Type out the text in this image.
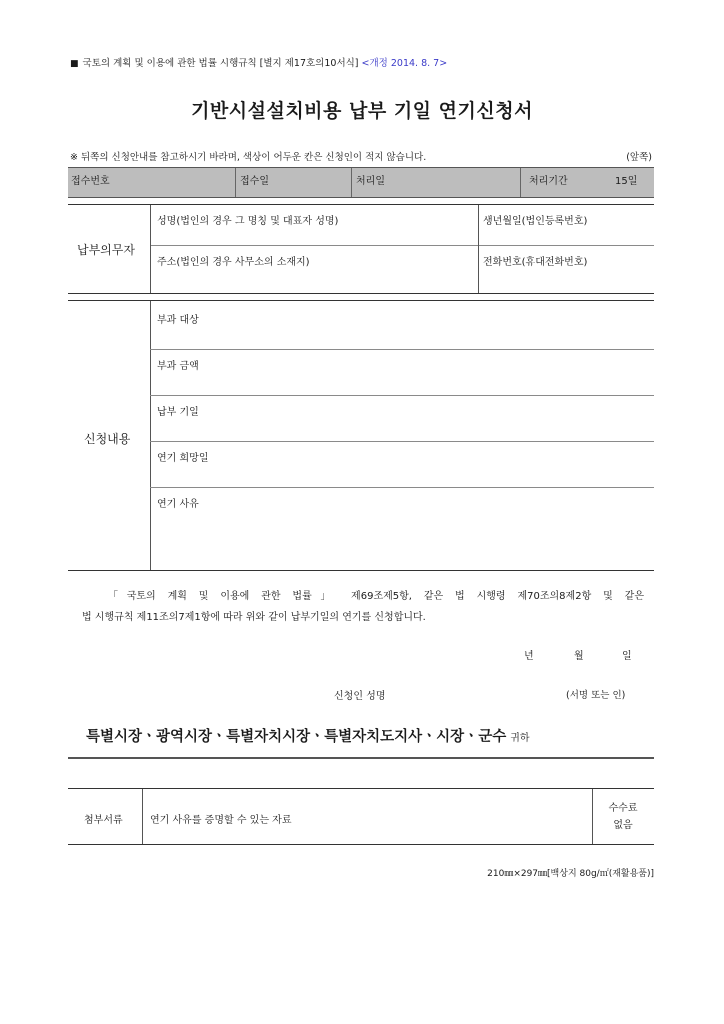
■ 국토의 계획 및 이용에 관한 법률 시행규칙 [별지 제17호의10서식] <개정 2014. 8. 7>
기반시설설치비용 납부 기일 연기신청서
※ 뒤쪽의 신청안내를 참고하시기 바라며, 색상이 어두운 칸은 신청인이 적지 않습니다.	(앞쪽)
접수번호	접수일	처리일	처리기간	15일
납부의무자
성명(법인의 경우 그 명칭 및 대표자 성명)	생년월일(법인등록번호)
주소(법인의 경우 사무소의 소재지)	전화번호(휴대전화번호)
신청내용
부과 대상
부과 금액
납부 기일
연기 희망일
연기 사유
「국토의 계획 및 이용에 관한 법률」 제69조제5항, 같은 법 시행령 제70조의8제2항 및 같은
법 시행규칙 제11조의7제1항에 따라 위와 같이 납부기일의 연기를 신청합니다.
년	월	일
신청인 성명	(서명 또는 인)
특별시장ㆍ광역시장ㆍ특별자치시장ㆍ특별자치도지사ㆍ시장ㆍ군수 귀하
첨부서류	연기 사유를 증명할 수 있는 자료
수수료
없음
210㎜×297㎜[백상지 80g/㎡(재활용품)]
